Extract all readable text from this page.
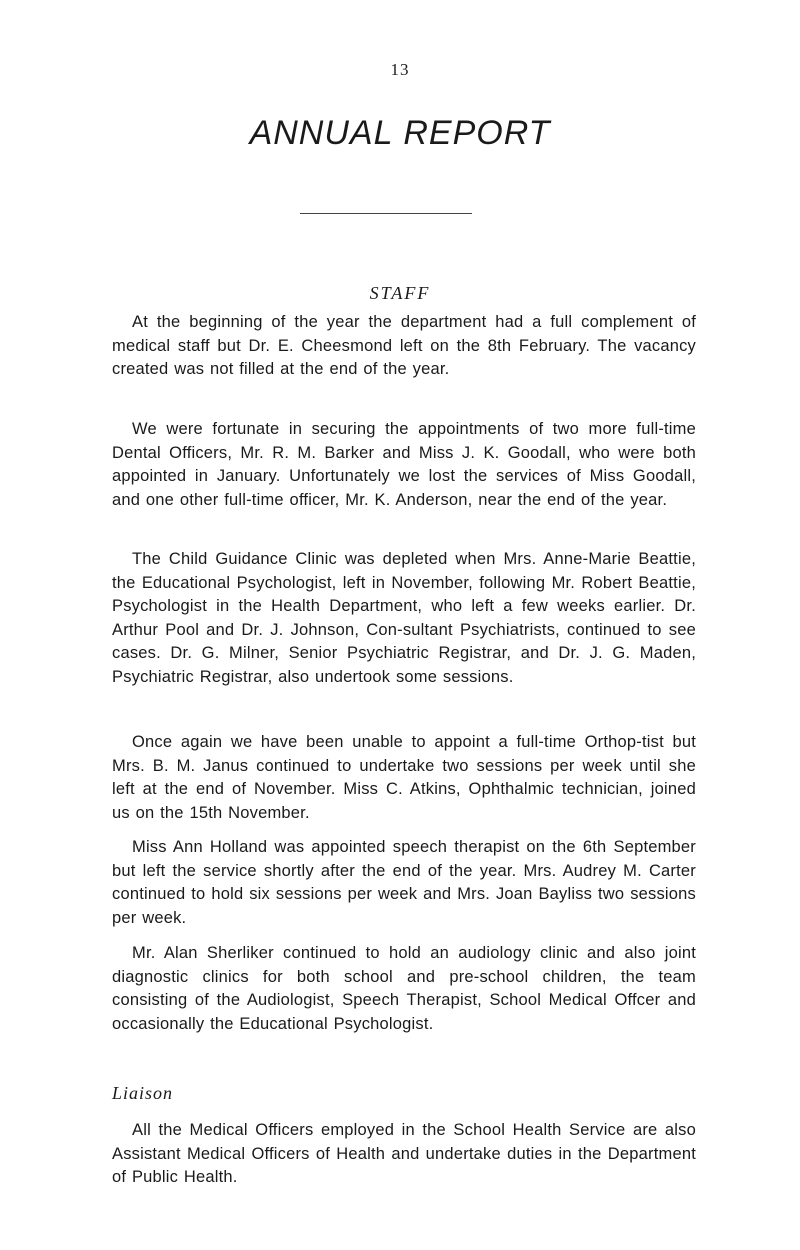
13
ANNUAL REPORT
STAFF

At the beginning of the year the department had a full complement of medical staff but Dr. E. Cheesmond left on the 8th February. The vacancy created was not filled at the end of the year.

We were fortunate in securing the appointments of two more full-time Dental Officers, Mr. R. M. Barker and Miss J. K. Goodall, who were both appointed in January. Unfortunately we lost the services of Miss Goodall, and one other full-time officer, Mr. K. Anderson, near the end of the year.

The Child Guidance Clinic was depleted when Mrs. Anne-Marie Beattie, the Educational Psychologist, left in November, following Mr. Robert Beattie, Psychologist in the Health Department, who left a few weeks earlier. Dr. Arthur Pool and Dr. J. Johnson, Con-sultant Psychiatrists, continued to see cases. Dr. G. Milner, Senior Psychiatric Registrar, and Dr. J. G. Maden, Psychiatric Registrar, also undertook some sessions.

Once again we have been unable to appoint a full-time Orthop-tist but Mrs. B. M. Janus continued to undertake two sessions per week until she left at the end of November. Miss C. Atkins, Ophthalmic technician, joined us on the 15th November.

Miss Ann Holland was appointed speech therapist on the 6th September but left the service shortly after the end of the year. Mrs. Audrey M. Carter continued to hold six sessions per week and Mrs. Joan Bayliss two sessions per week.

Mr. Alan Sherliker continued to hold an audiology clinic and also joint diagnostic clinics for both school and pre-school children, the team consisting of the Audiologist, Speech Therapist, School Medical Offcer and occasionally the Educational Psychologist.

Liaison

All the Medical Officers employed in the School Health Service are also Assistant Medical Officers of Health and undertake duties in the Department of Public Health.
